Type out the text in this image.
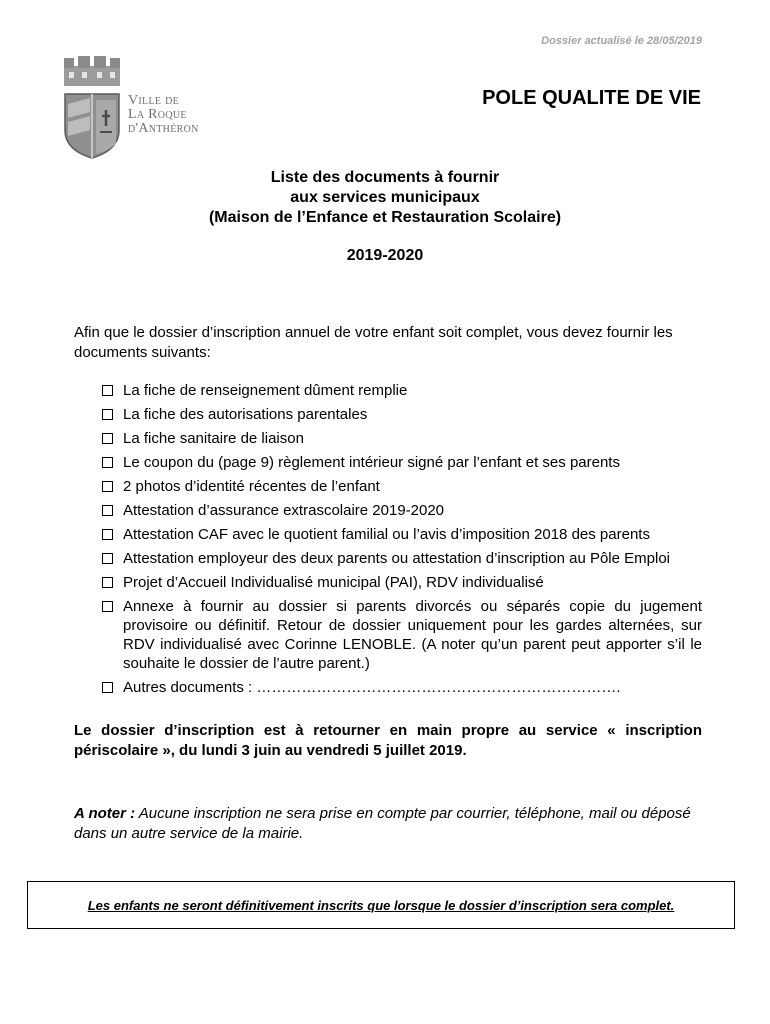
Dossier actualisé le 28/05/2019
Ville de
La Roque
d'Anthéron
POLE QUALITE DE VIE
Liste des documents à fournir
aux services municipaux
(Maison de l’Enfance et Restauration Scolaire)
2019-2020
Afin que le dossier d’inscription annuel de votre enfant soit complet, vous devez fournir les documents suivants:
La fiche de renseignement dûment remplie
La fiche des autorisations parentales
La fiche sanitaire de liaison
Le coupon du (page 9) règlement intérieur signé par l’enfant et ses parents
2 photos d’identité récentes de l’enfant
Attestation d’assurance extrascolaire 2019-2020
Attestation CAF avec le quotient familial ou l’avis d’imposition 2018 des parents
Attestation employeur des deux parents ou attestation d’inscription au Pôle Emploi
Projet d’Accueil Individualisé municipal (PAI), RDV individualisé
Annexe à fournir au dossier si parents divorcés ou séparés copie du jugement provisoire ou définitif. Retour de dossier uniquement pour les gardes alternées, sur RDV individualisé avec Corinne LENOBLE. (A noter qu’un parent peut apporter s’il le souhaite le dossier de l’autre parent.)
Autres documents : ……………………………………………………………….
Le dossier d’inscription est à retourner en main propre au service « inscription périscolaire », du lundi 3 juin au vendredi 5 juillet 2019.
A noter : Aucune inscription ne sera prise en compte par courrier, téléphone, mail ou déposé dans un autre service de la mairie.
Les enfants ne seront définitivement inscrits que lorsque le dossier d’inscription sera complet.
